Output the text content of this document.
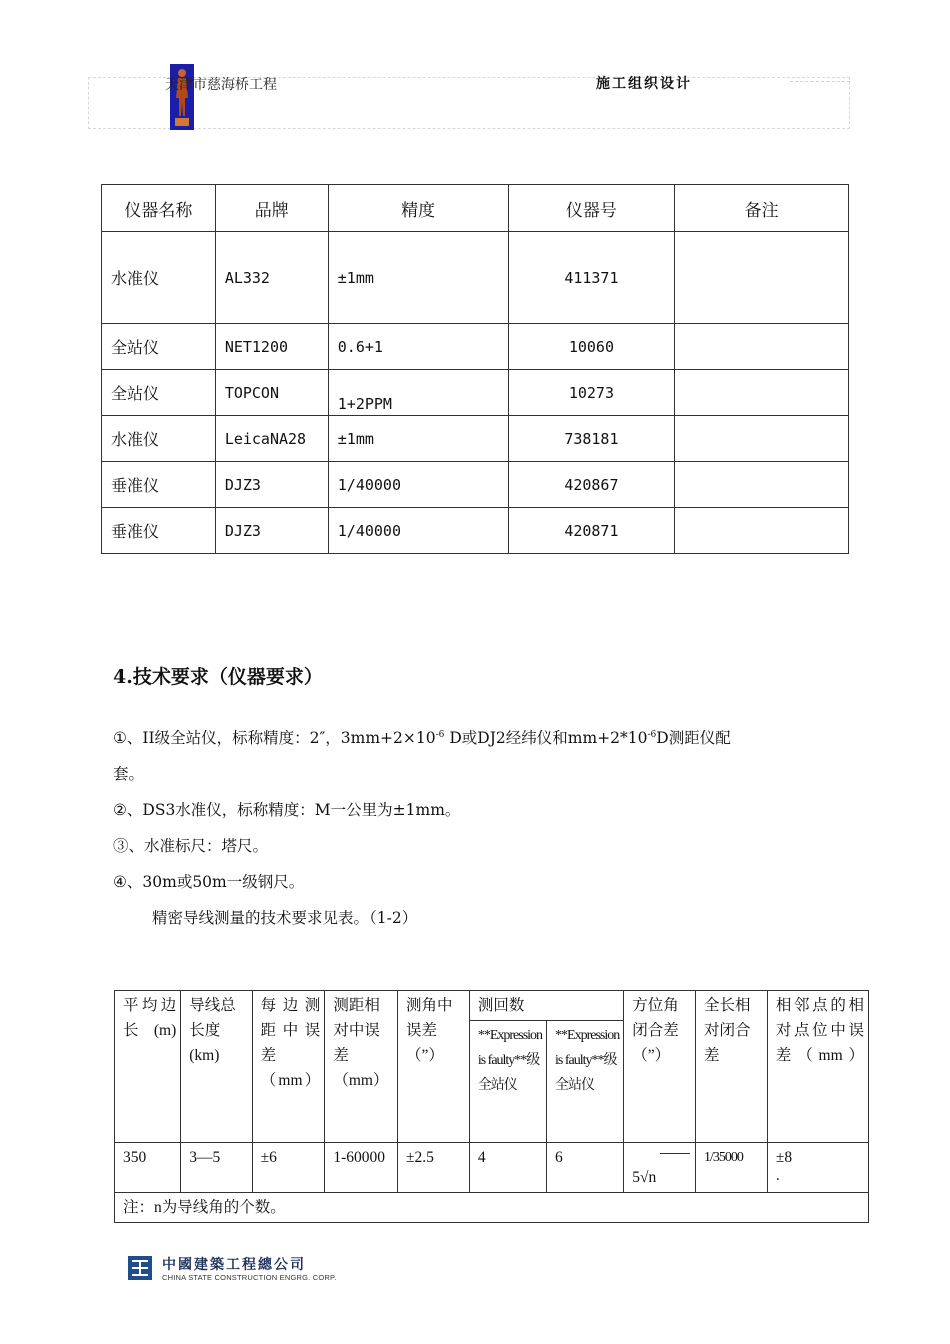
天津市慈海桥工程	施工组织设计
仪器名称	品牌	精度	仪器号	备注
水准仪	AL332	±1mm	411371	
全站仪	NET1200	0.6+1	10060	
全站仪	TOPCON	1+2PPM	10273	
水准仪	LeicaNA28	±1mm	738181	
垂准仪	DJZ3	1/40000	420867	
垂准仪	DJZ3	1/40000	420871	
4.技术要求（仪器要求）
①、II级全站仪，标称精度：2″，$3mm+2\times 10^{-6}$ D或DJ2经纬仪和$mm+2*10^{-6}D$测距仪配
套。
②、DS3水准仪，标称精度：M一公里为±1mm。
③、水准标尺：塔尺。
④、30m或50m一级钢尺。
精密导线测量的技术要求见表。（1-2）
平均边长(m)	导线总长度(km)	每边测距中误差（mm）	测距相对中误差（mm）	测角中误差（”）	测回数		方位角闭合差（”）	全长相对闭合差	相邻点的相对点位中误差（mm）
					**Expression is faulty**级全站仪	**Expression is faulty**级全站仪			
350	3—5	±6	1-60000	±2.5	4	6	5√n	1/35000	±8
.

注：n为导线角的个数。									
中國建築工程總公司
CHINA STATE CONSTRUCTION ENGRG. CORP.
